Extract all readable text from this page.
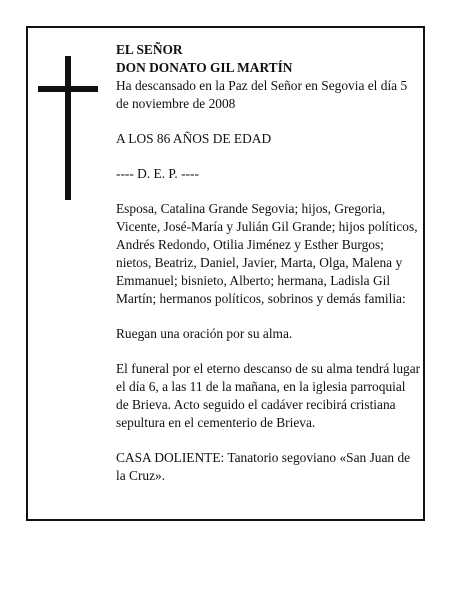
EL SEÑOR

DON DONATO GIL MARTÍN

Ha descansado en la Paz del Señor en Segovia el día 5 de noviembre de 2008

A LOS 86 AÑOS DE EDAD

---- D. E. P. ----

Esposa, Catalina Grande Segovia; hijos, Gregoria, Vicente, José-María y Julián Gil Grande; hijos políticos, Andrés Redondo, Otilia Jiménez y Esther Burgos; nietos, Beatriz, Daniel, Javier, Marta, Olga, Malena y Emmanuel; bisnieto, Alberto; hermana, Ladisla Gil Martín; hermanos políticos, sobrinos y demás familia:

Ruegan una oración por su alma.

El funeral por el eterno descanso de su alma tendrá lugar el día 6, a las 11 de la mañana, en la iglesia parroquial de Brieva. Acto seguido el cadáver recibirá cristiana sepultura en el cementerio de Brieva.

CASA DOLIENTE: Tanatorio segoviano «San Juan de la Cruz».
